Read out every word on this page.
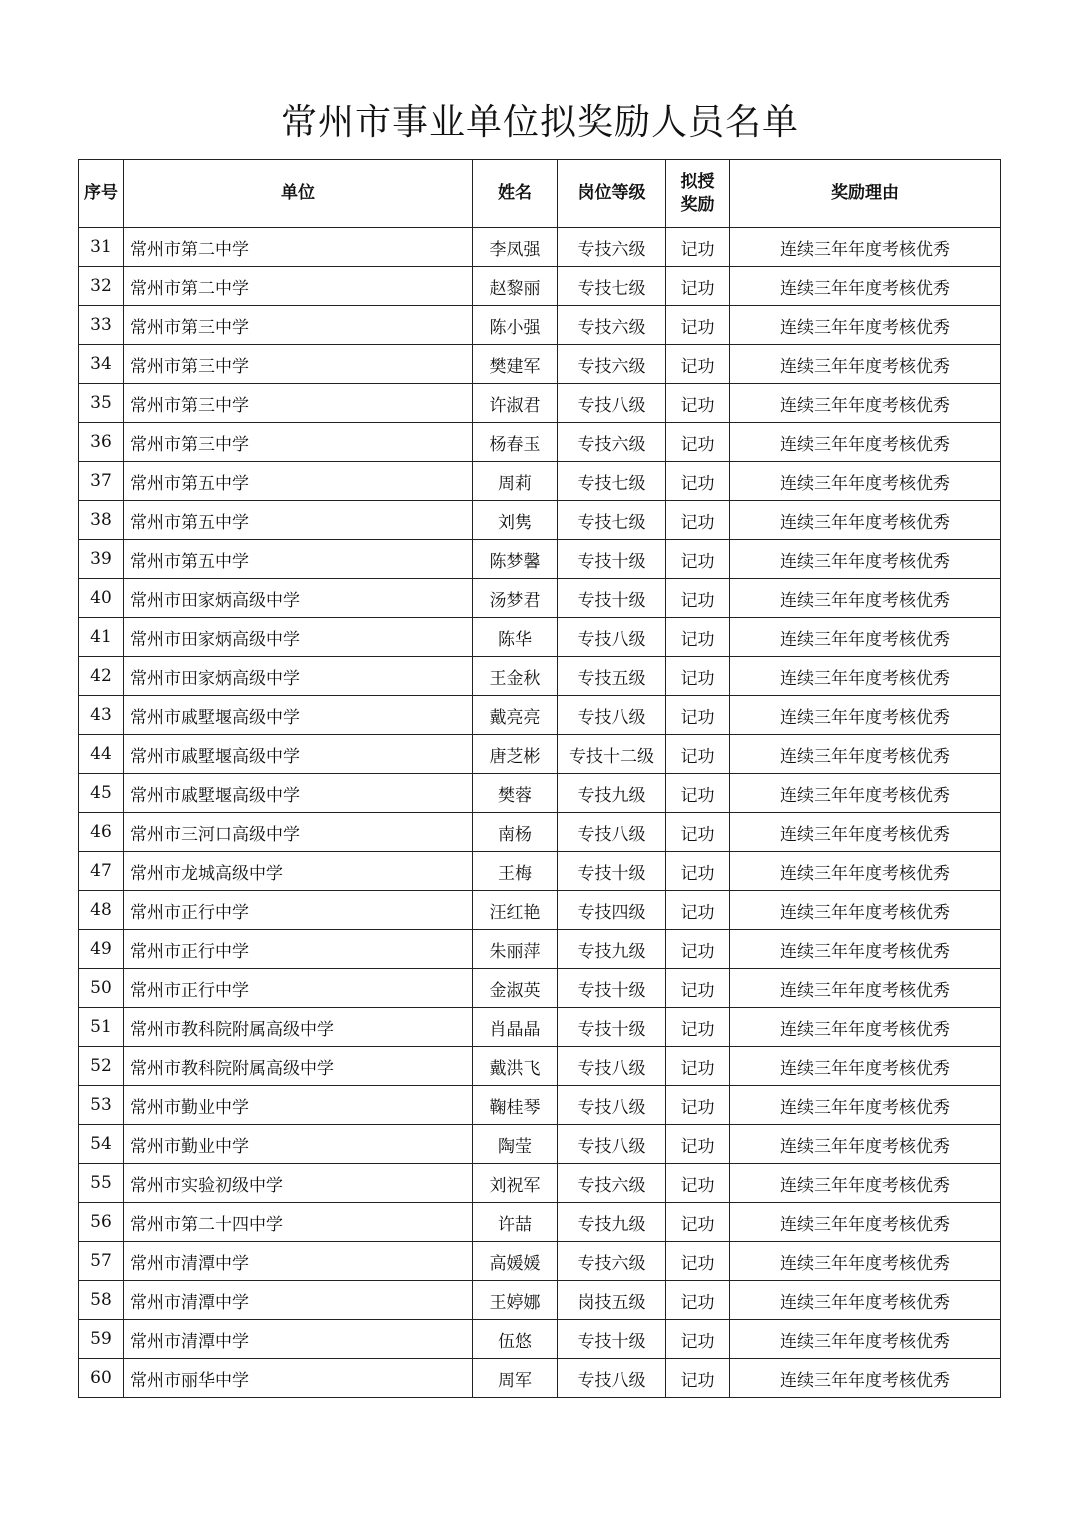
常州市事业单位拟奖励人员名单
序号	单位	姓名	岗位等级	拟授
奖励	奖励理由
31	常州市第二中学	李凤强	专技六级	记功	连续三年年度考核优秀
32	常州市第二中学	赵黎丽	专技七级	记功	连续三年年度考核优秀
33	常州市第三中学	陈小强	专技六级	记功	连续三年年度考核优秀
34	常州市第三中学	樊建军	专技六级	记功	连续三年年度考核优秀
35	常州市第三中学	许淑君	专技八级	记功	连续三年年度考核优秀
36	常州市第三中学	杨春玉	专技六级	记功	连续三年年度考核优秀
37	常州市第五中学	周莉	专技七级	记功	连续三年年度考核优秀
38	常州市第五中学	刘隽	专技七级	记功	连续三年年度考核优秀
39	常州市第五中学	陈梦馨	专技十级	记功	连续三年年度考核优秀
40	常州市田家炳高级中学	汤梦君	专技十级	记功	连续三年年度考核优秀
41	常州市田家炳高级中学	陈华	专技八级	记功	连续三年年度考核优秀
42	常州市田家炳高级中学	王金秋	专技五级	记功	连续三年年度考核优秀
43	常州市戚墅堰高级中学	戴亮亮	专技八级	记功	连续三年年度考核优秀
44	常州市戚墅堰高级中学	唐芝彬	专技十二级	记功	连续三年年度考核优秀
45	常州市戚墅堰高级中学	樊蓉	专技九级	记功	连续三年年度考核优秀
46	常州市三河口高级中学	南杨	专技八级	记功	连续三年年度考核优秀
47	常州市龙城高级中学	王梅	专技十级	记功	连续三年年度考核优秀
48	常州市正行中学	汪红艳	专技四级	记功	连续三年年度考核优秀
49	常州市正行中学	朱丽萍	专技九级	记功	连续三年年度考核优秀
50	常州市正行中学	金淑英	专技十级	记功	连续三年年度考核优秀
51	常州市教科院附属高级中学	肖晶晶	专技十级	记功	连续三年年度考核优秀
52	常州市教科院附属高级中学	戴洪飞	专技八级	记功	连续三年年度考核优秀
53	常州市勤业中学	鞠桂琴	专技八级	记功	连续三年年度考核优秀
54	常州市勤业中学	陶莹	专技八级	记功	连续三年年度考核优秀
55	常州市实验初级中学	刘祝军	专技六级	记功	连续三年年度考核优秀
56	常州市第二十四中学	许喆	专技九级	记功	连续三年年度考核优秀
57	常州市清潭中学	高媛媛	专技六级	记功	连续三年年度考核优秀
58	常州市清潭中学	王婷娜	岗技五级	记功	连续三年年度考核优秀
59	常州市清潭中学	伍悠	专技十级	记功	连续三年年度考核优秀
60	常州市丽华中学	周军	专技八级	记功	连续三年年度考核优秀
